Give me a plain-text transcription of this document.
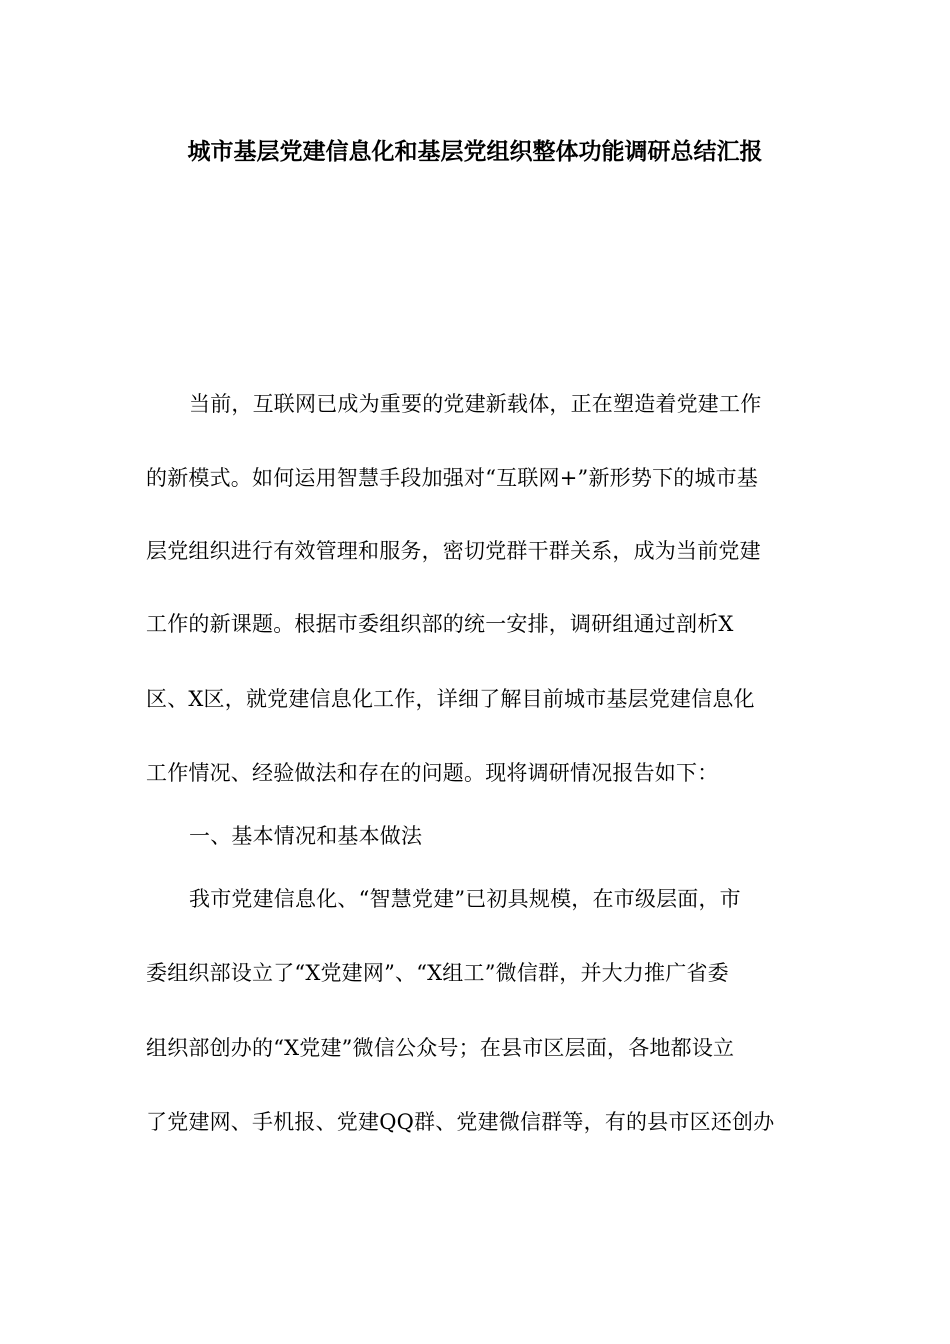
城市基层党建信息化和基层党组织整体功能调研总结汇报
当前，互联网已成为重要的党建新载体，正在塑造着党建工作
的新模式。如何运用智慧手段加强对“互联网+”新形势下的城市基
层党组织进行有效管理和服务，密切党群干群关系，成为当前党建
工作的新课题。根据市委组织部的统一安排，调研组通过剖析X
区、X区，就党建信息化工作，详细了解目前城市基层党建信息化
工作情况、经验做法和存在的问题。现将调研情况报告如下：
一、基本情况和基本做法
我市党建信息化、“智慧党建”已初具规模，在市级层面，市
委组织部设立了“X党建网”、“X组工”微信群，并大力推广省委
组织部创办的“X党建”微信公众号；在县市区层面，各地都设立
了党建网、手机报、党建QQ群、党建微信群等，有的县市区还创办
